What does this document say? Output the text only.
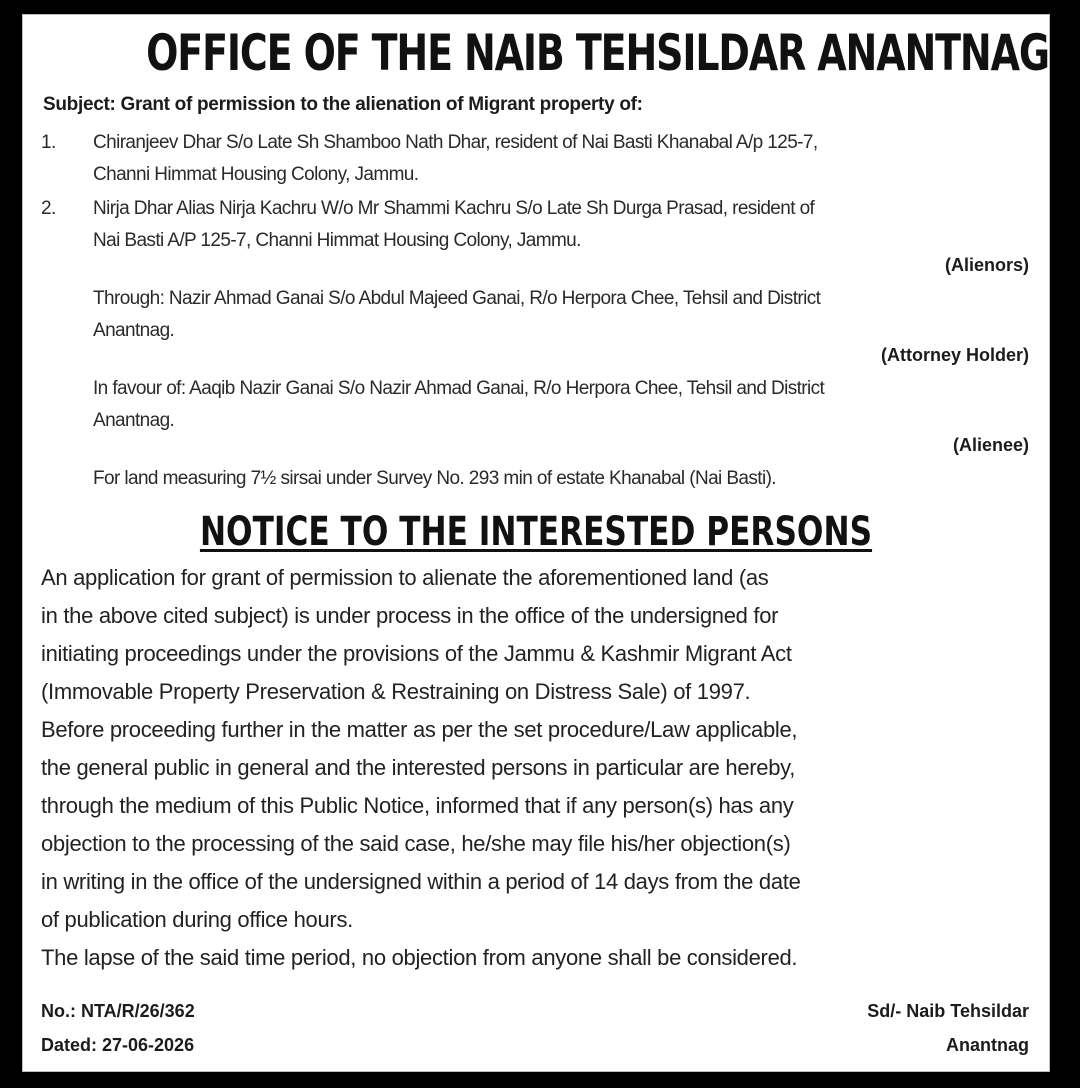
OFFICE OF THE NAIB TEHSILDAR ANANTNAG

Subject: Grant of permission to the alienation of Migrant property of:

1. Chiranjeev Dhar S/o Late Sh Shamboo Nath Dhar, resident of Nai Basti Khanabal A/p 125-7,

Channi Himmat Housing Colony, Jammu.

2. Nirja Dhar Alias Nirja Kachru W/o Mr Shammi Kachru S/o Late Sh Durga Prasad, resident of

Nai Basti A/P 125-7, Channi Himmat Housing Colony, Jammu.

(Alienors)

Through: Nazir Ahmad Ganai S/o Abdul Majeed Ganai, R/o Herpora Chee, Tehsil and District

Anantnag.

(Attorney Holder)

In favour of: Aaqib Nazir Ganai S/o Nazir Ahmad Ganai, R/o Herpora Chee, Tehsil and District

Anantnag.

(Alienee)

For land measuring 7½ sirsai under Survey No. 293 min of estate Khanabal (Nai Basti).

NOTICE TO THE INTERESTED PERSONS

An application for grant of permission to alienate the aforementioned land (as

in the above cited subject) is under process in the office of the undersigned for

initiating proceedings under the provisions of the Jammu & Kashmir Migrant Act

(Immovable Property Preservation & Restraining on Distress Sale) of 1997.

Before proceeding further in the matter as per the set procedure/Law applicable,

the general public in general and the interested persons in particular are hereby,

through the medium of this Public Notice, informed that if any person(s) has any

objection to the processing of the said case, he/she may file his/her objection(s)

in writing in the office of the undersigned within a period of 14 days from the date

of publication during office hours.

The lapse of the said time period, no objection from anyone shall be considered.

No.: NTA/R/26/362

Dated: 27-06-2026

Sd/- Naib Tehsildar

Anantnag
